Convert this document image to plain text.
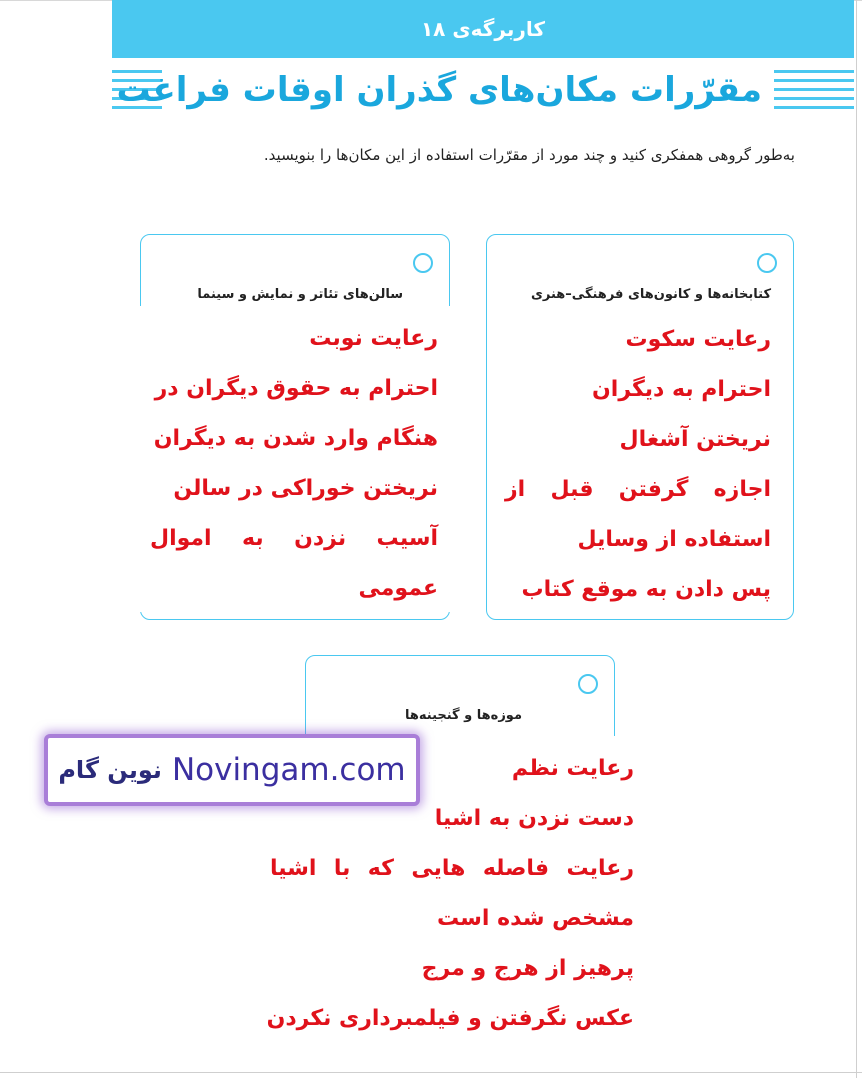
کاربرگه‌ی ۱۸
مقرّرات مکان‌های گذران اوقات فراغت
به‌طور گروهی همفکری کنید و چند مورد از مقرّرات استفاده از این مکان‌ها را بنویسید.
کتابخانه‌ها و کانون‌های فرهنگی–هنری
رعایت سکوت
احترام به دیگران
نریختن آشغال
اجازه گرفتن قبل از
استفاده از وسایل
پس دادن به موقع کتاب
سالن‌های تئاتر و نمایش و سینما
رعایت نوبت
احترام به حقوق دیگران در
هنگام وارد شدن به دیگران
نریختن خوراکی در سالن
آسیب نزدن به اموال
عمومی
موزه‌ها و گنجینه‌ها
رعایت نظم
دست نزدن به اشیا
رعایت فاصله هایی که با اشیا
مشخص شده است
پرهیز از هرج و مرج
عکس نگرفتن و فیلمبرداری نکردن
نوین گام Novingam.com
